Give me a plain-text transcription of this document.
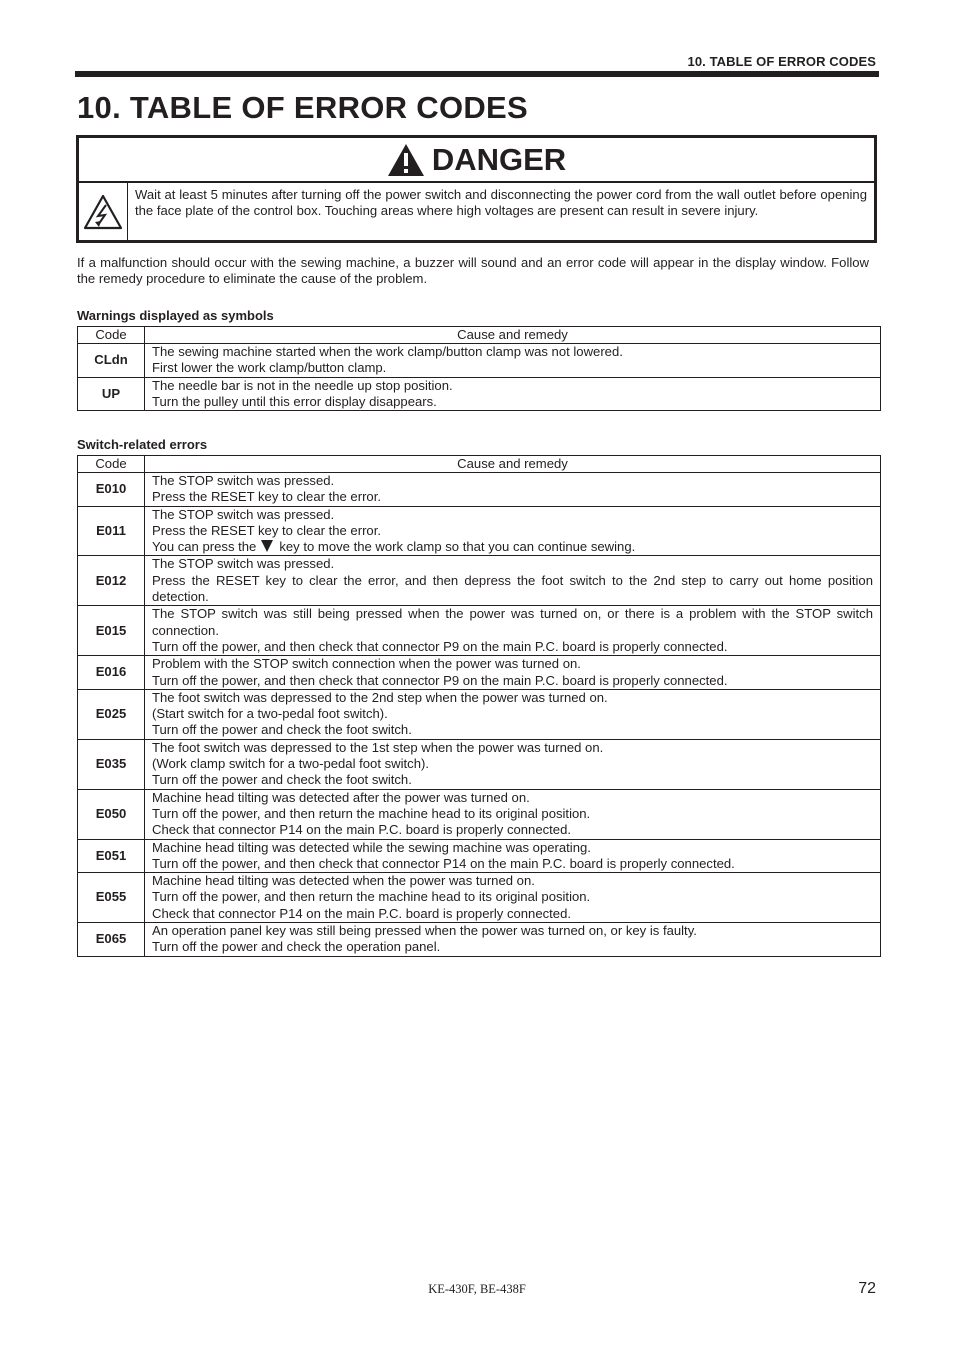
10. TABLE OF ERROR CODES
10. TABLE OF ERROR CODES
DANGER
Wait at least 5 minutes after turning off the power switch and disconnecting the power cord from the wall outlet before opening the face plate of the control box. Touching areas where high voltages are present can result in severe injury.

If a malfunction should occur with the sewing machine, a buzzer will sound and an error code will appear in the display window. Follow the remedy procedure to eliminate the cause of the problem.

Warnings displayed as symbols
Code	Cause and remedy
CLdn	The sewing machine started when the work clamp/button clamp was not lowered.
First lower the work clamp/button clamp.

UP	The needle bar is not in the needle up stop position.
Turn the pulley until this error display disappears.
Switch-related errors
Code	Cause and remedy
E010	The STOP switch was pressed.
Press the RESET key to clear the error.

E011	The STOP switch was pressed.
Press the RESET key to clear the error.
You can press the key to move the work clamp so that you can continue sewing.

E012	The STOP switch was pressed.
Press the RESET key to clear the error, and then depress the foot switch to the 2nd step to carry out home position detection.

E015	The STOP switch was still being pressed when the power was turned on, or there is a problem with the STOP switch connection.
Turn off the power, and then check that connector P9 on the main P.C. board is properly connected.

E016	Problem with the STOP switch connection when the power was turned on.
Turn off the power, and then check that connector P9 on the main P.C. board is properly connected.

E025	The foot switch was depressed to the 2nd step when the power was turned on.
(Start switch for a two-pedal foot switch).
Turn off the power and check the foot switch.

E035	The foot switch was depressed to the 1st step when the power was turned on.
(Work clamp switch for a two-pedal foot switch).
Turn off the power and check the foot switch.

E050	Machine head tilting was detected after the power was turned on.
Turn off the power, and then return the machine head to its original position.
Check that connector P14 on the main P.C. board is properly connected.

E051	Machine head tilting was detected while the sewing machine was operating.
Turn off the power, and then check that connector P14 on the main P.C. board is properly connected.

E055	Machine head tilting was detected when the power was turned on.
Turn off the power, and then return the machine head to its original position.
Check that connector P14 on the main P.C. board is properly connected.

E065	An operation panel key was still being pressed when the power was turned on, or key is faulty.
Turn off the power and check the operation panel.
KE-430F, BE-438F	72
